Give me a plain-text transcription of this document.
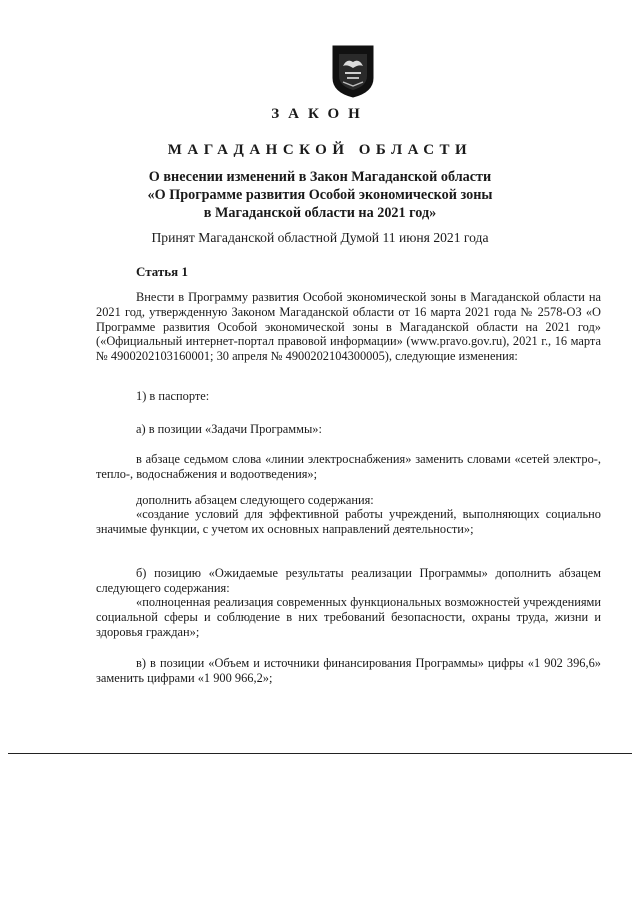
ЗАКОН
МАГАДАНСКОЙ ОБЛАСТИ
О внесении изменений в Закон Магаданской области
«О Программе развития Особой экономической зоны
в Магаданской области на 2021 год»
Принят Магаданской областной Думой 11 июня 2021 года
Статья 1

Внести в Программу развития Особой экономической зоны в Магаданской области на 2021 год, утвержденную Законом Магаданской области от 16 марта 2021 года № 2578-ОЗ «О Программе развития Особой экономической зоны в Магаданской области на 2021 год» («Официальный интернет-портал правовой информации» (www.pravo.gov.ru), 2021 г., 16 марта № 4900202103160001; 30 апреля № 4900202104300005), следующие изменения:

1) в паспорте:

а) в позиции «Задачи Программы»:

в абзаце седьмом слова «линии электроснабжения» заменить словами «сетей электро-, тепло-, водоснабжения и водоотведения»;

дополнить абзацем следующего содержания:

«создание условий для эффективной работы учреждений, выполняющих социально значимые функции, с учетом их основных направлений деятельности»;

б) позицию «Ожидаемые результаты реализации Программы» дополнить абзацем следующего содержания:

«полноценная реализация современных функциональных возможностей учреждениями социальной сферы и соблюдение в них требований безопасности, охраны труда, жизни и здоровья граждан»;

в) в позиции «Объем и источники финансирования Программы» цифры «1 902 396,6» заменить цифрами «1 900 966,2»;
